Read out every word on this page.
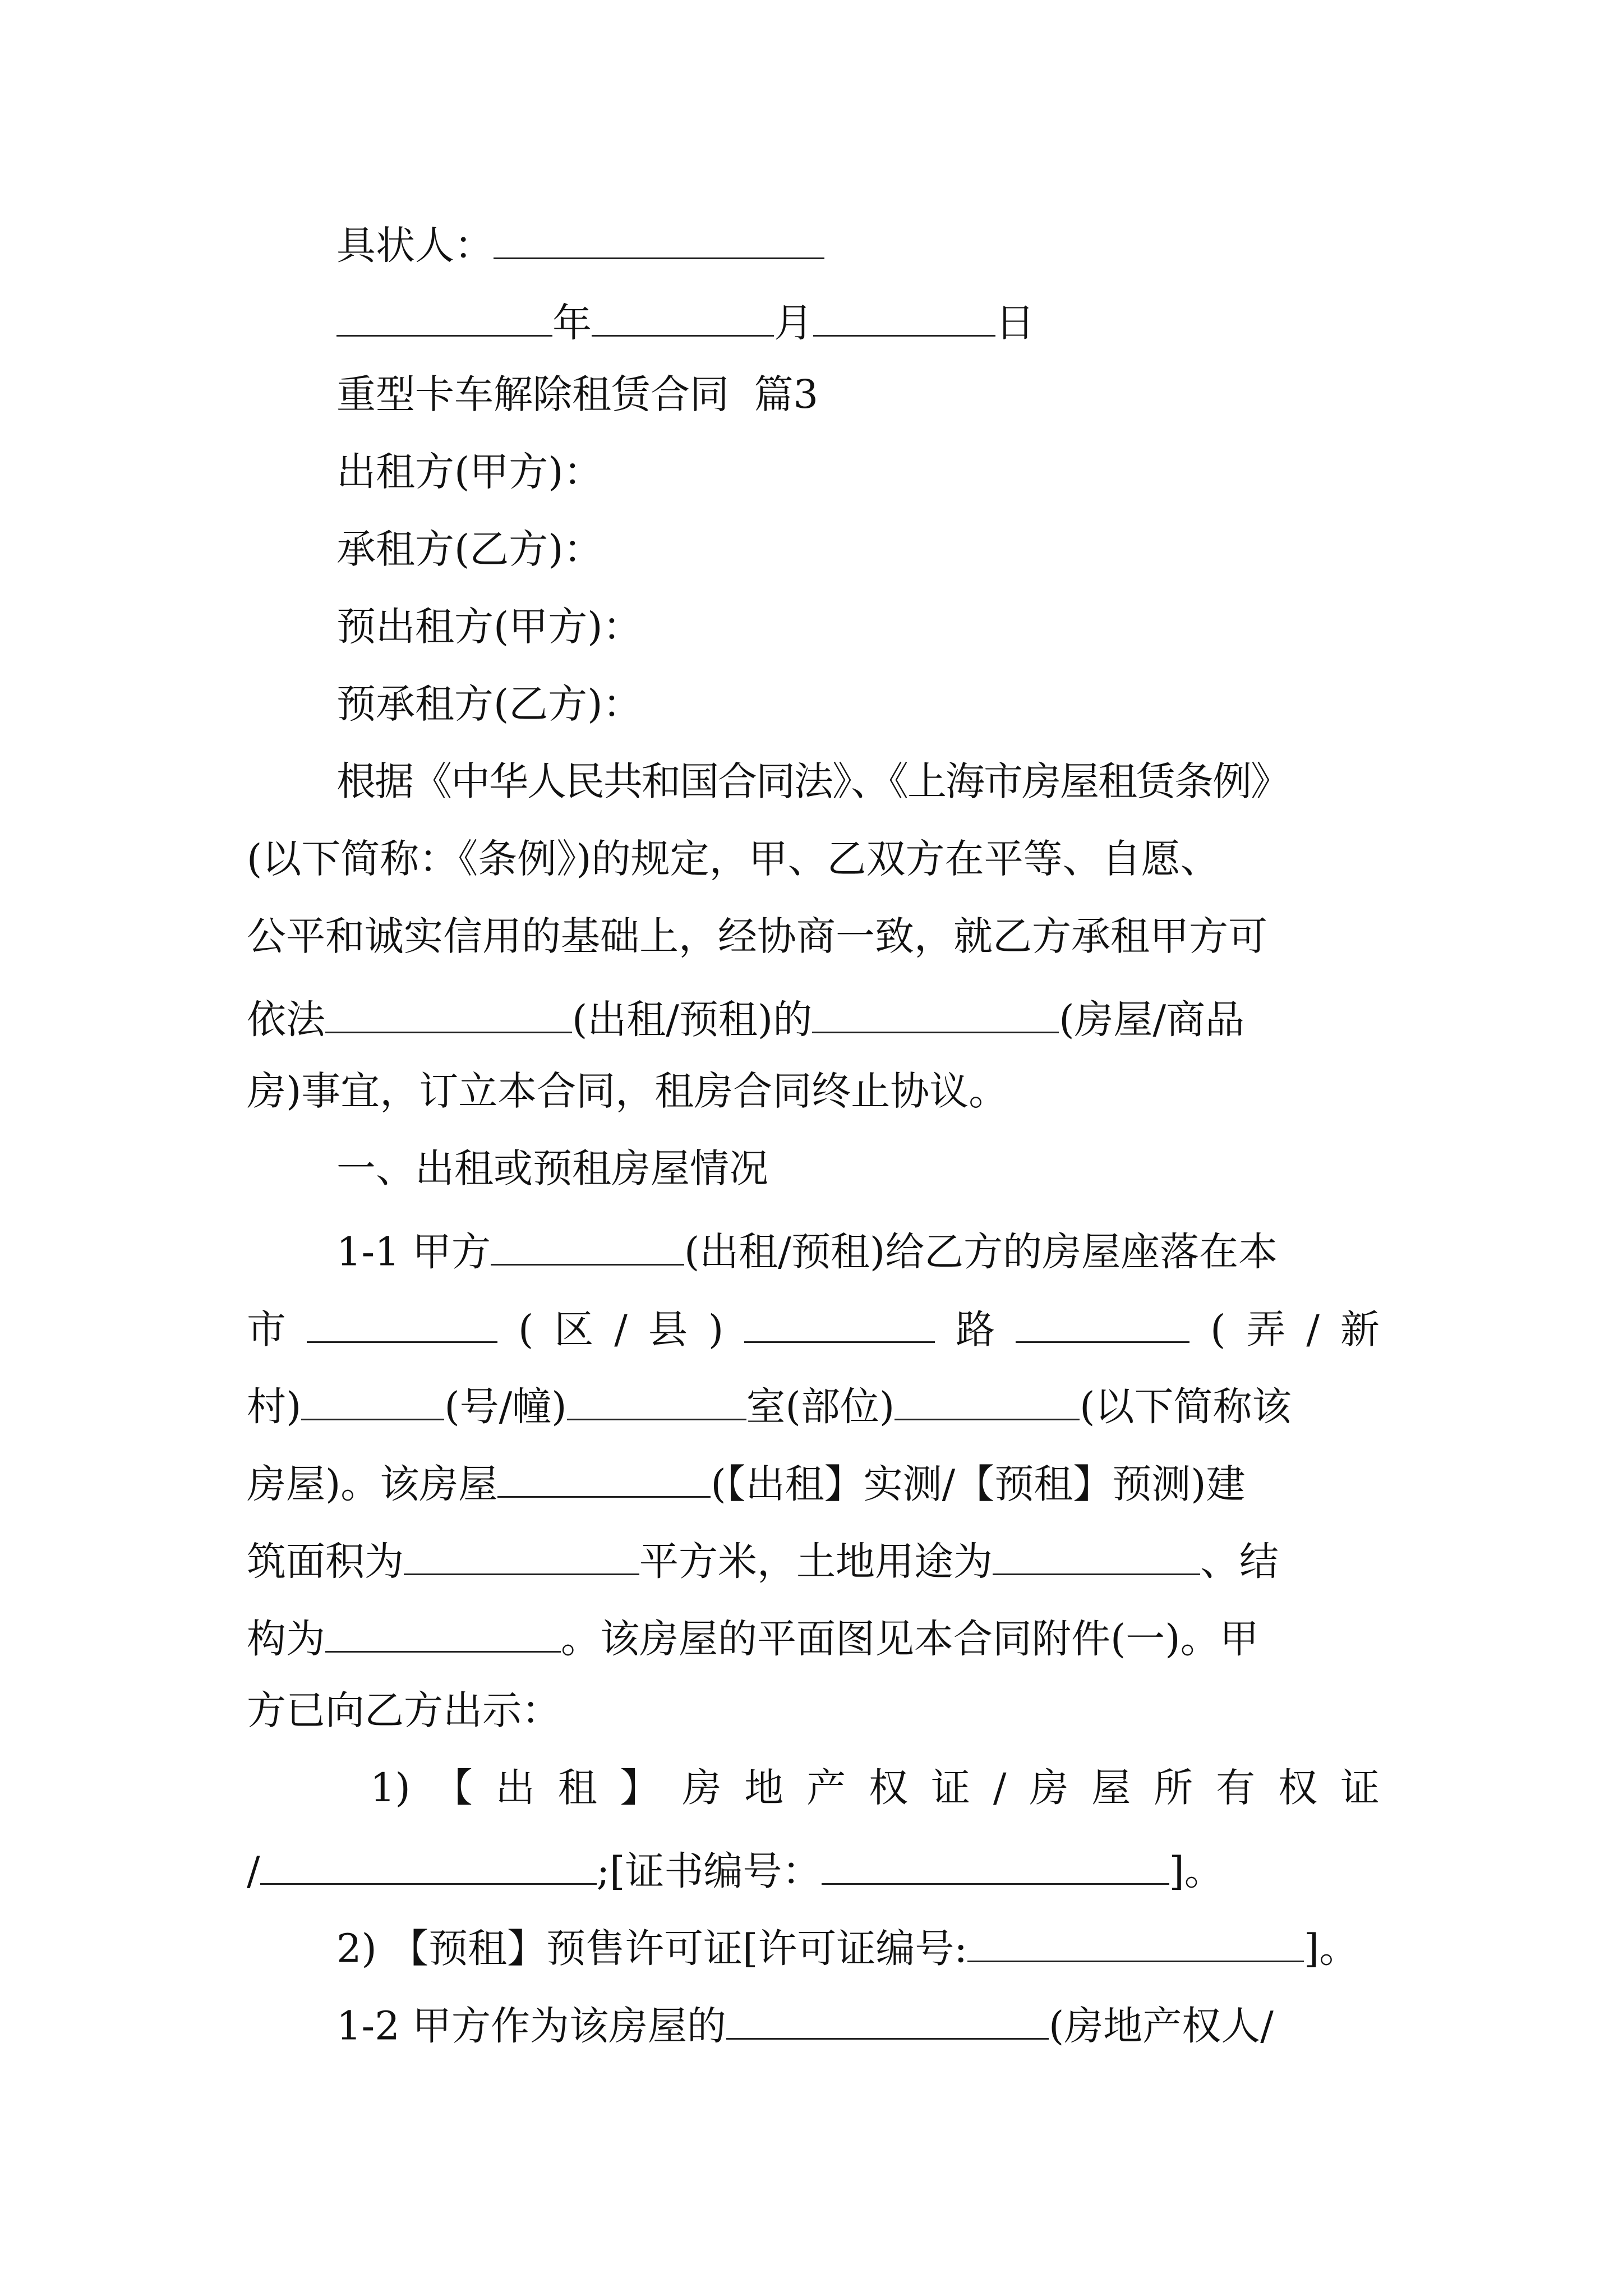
具状人：
年	月	日
重型卡车解除租赁合同  篇3
出租方(甲方)：
承租方(乙方)：
预出租方(甲方)：
预承租方(乙方)：
根据《中华人民共和国合同法》、《上海市房屋租赁条例》
(以下简称：《条例》)的规定，甲、乙双方在平等、自愿、
公平和诚实信用的基础上，经协商一致，就乙方承租甲方可
依法	(出租/预租)的	(房屋/商品
房)事宜，订立本合同，租房合同终止协议。
一、出租或预租房屋情况
1-1 甲方	(出租/预租)给乙方的房屋座落在本
市	( 区 / 县 )	路	( 弄 / 新
村)	(号/幢)	室(部位)	(以下简称该
房屋)。该房屋	(【出租】实测/【预租】预测)建
筑面积为	平方米，土地用途为	、结
构为	。该房屋的平面图见本合同附件(一)。甲
方已向乙方出示：
1) 【 出 租 】 房 地 产 权 证 / 房 屋 所 有 权 证
/	;[证书编号：	]。
2) 【预租】预售许可证[许可证编号:	]。
1-2 甲方作为该房屋的	(房地产权人/
